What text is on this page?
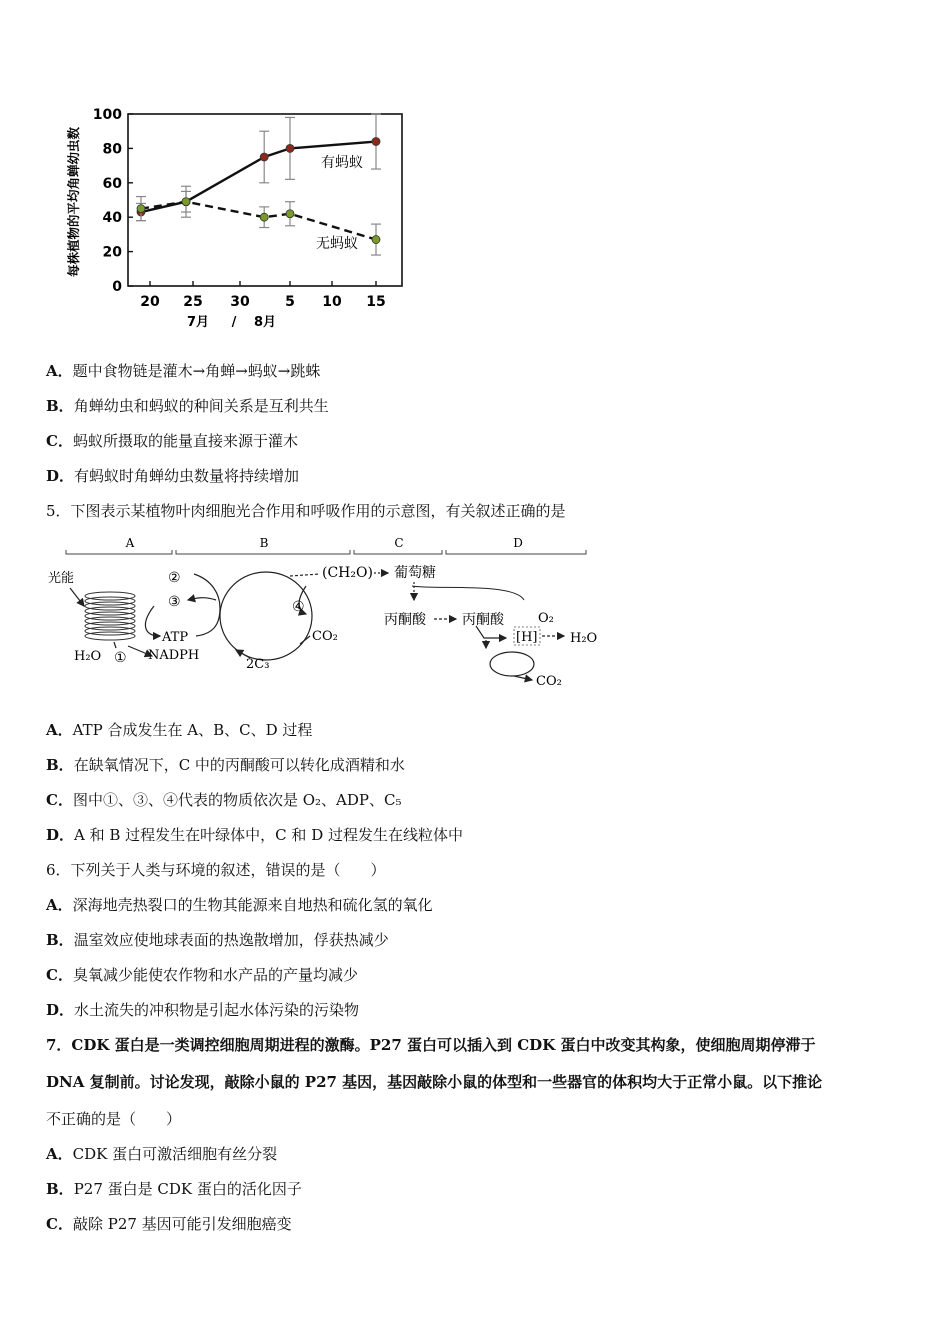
每株植物的平均角蝉幼虫数
0
20
40
60
80
100
20 25 30	5 10 15
7月 / 8月
有蚂蚁
无蚂蚁
A．题中食物链是灌木→角蝉→蚂蚁→跳蛛
B．角蝉幼虫和蚂蚁的种间关系是互利共生
C．蚂蚁所摄取的能量直接来源于灌木
D．有蚂蚁时角蝉幼虫数量将持续增加
5．下图表示某植物叶肉细胞光合作用和呼吸作用的示意图，有关叙述正确的是
A	B	C	D
光能
H₂O ①
②
③
ATP
NADPH
④
CO₂
2C₃
(CH₂O) 葡萄糖
丙酮酸	丙酮酸	O₂
[H]	H₂O
CO₂
A．ATP 合成发生在 A、B、C、D 过程
B．在缺氧情况下，C 中的丙酮酸可以转化成酒精和水
C．图中①、③、④代表的物质依次是 O₂、ADP、C₅
D．A 和 B 过程发生在叶绿体中，C 和 D 过程发生在线粒体中
6．下列关于人类与环境的叙述，错误的是（　　）
A．深海地壳热裂口的生物其能源来自地热和硫化氢的氧化
B．温室效应使地球表面的热逸散增加，俘获热减少
C．臭氧减少能使农作物和水产品的产量均减少
D．水土流失的冲积物是引起水体污染的污染物
7．CDK 蛋白是一类调控细胞周期进程的激酶。P27 蛋白可以插入到 CDK 蛋白中改变其构象，使细胞周期停滞于
DNA 复制前。讨论发现，敲除小鼠的 P27 基因，基因敲除小鼠的体型和一些器官的体积均大于正常小鼠。以下推论
不正确的是（　　）
A．CDK 蛋白可激活细胞有丝分裂
B．P27 蛋白是 CDK 蛋白的活化因子
C．敲除 P27 基因可能引发细胞癌变
